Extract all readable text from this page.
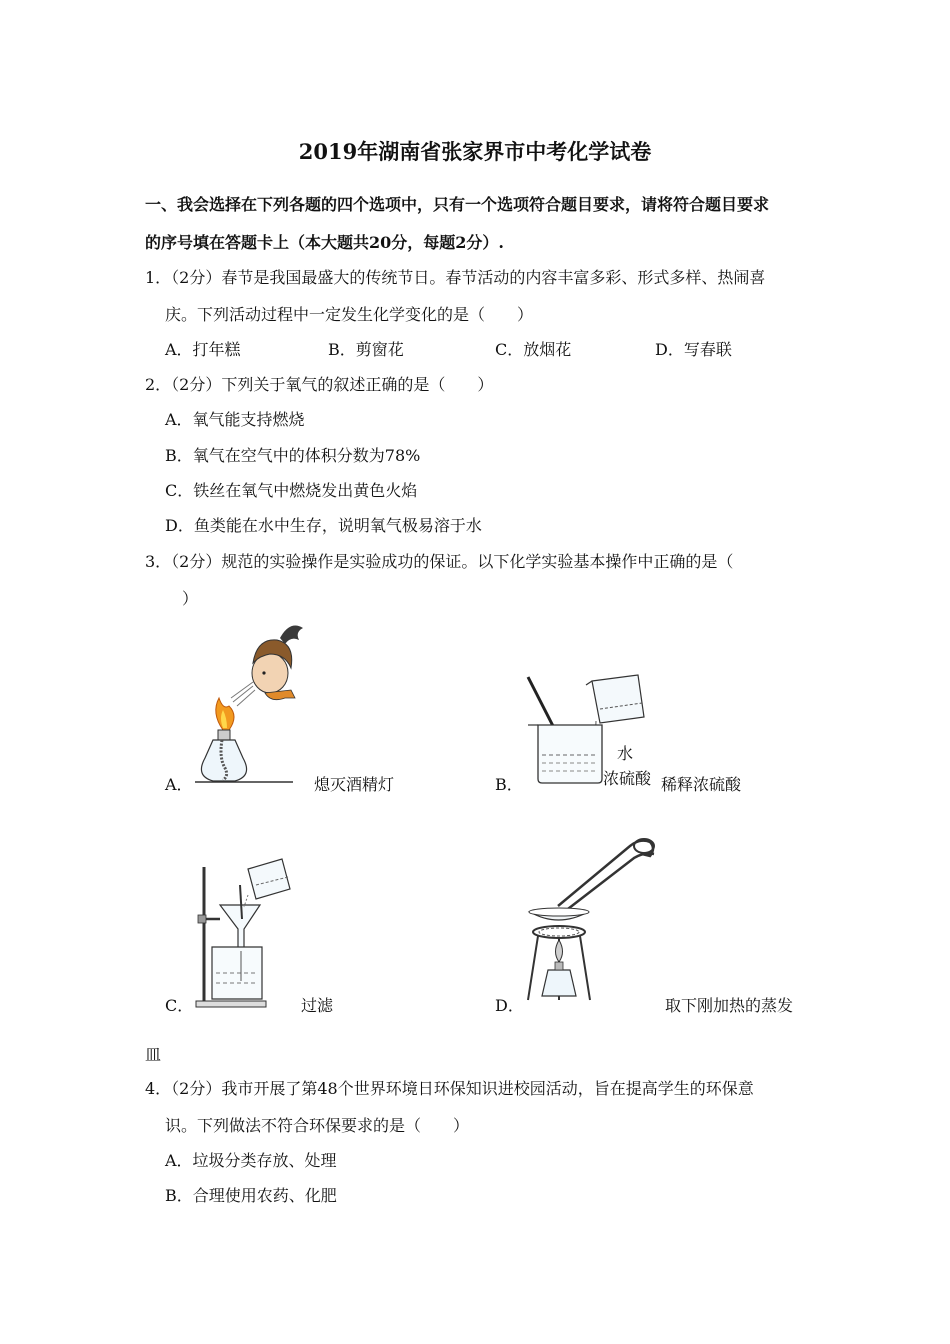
2019年湖南省张家界市中考化学试卷
一、我会选择在下列各题的四个选项中，只有一个选项符合题目要求，请将符合题目要求
的序号填在答题卡上（本大题共20分，每题2分）.
1．（2分）春节是我国最盛大的传统节日。春节活动的内容丰富多彩、形式多样、热闹喜
庆。下列活动过程中一定发生化学变化的是（　　）
A．打年糕	B．剪窗花	C．放烟花	D．写春联
2．（2分）下列关于氧气的叙述正确的是（　　）
A．氧气能支持燃烧
B．氧气在空气中的体积分数为78%
C．铁丝在氧气中燃烧发出黄色火焰
D．鱼类能在水中生存，说明氧气极易溶于水
3．（2分）规范的实验操作是实验成功的保证。以下化学实验基本操作中正确的是（
）
A．	熄灭酒精灯	B．
水
浓硫酸 稀释浓硫酸
C．	过滤	D．	取下刚加热的蒸发
皿
4．（2分）我市开展了第48个世界环境日环保知识进校园活动，旨在提高学生的环保意
识。下列做法不符合环保要求的是（　　）
A．垃圾分类存放、处理
B．合理使用农药、化肥
